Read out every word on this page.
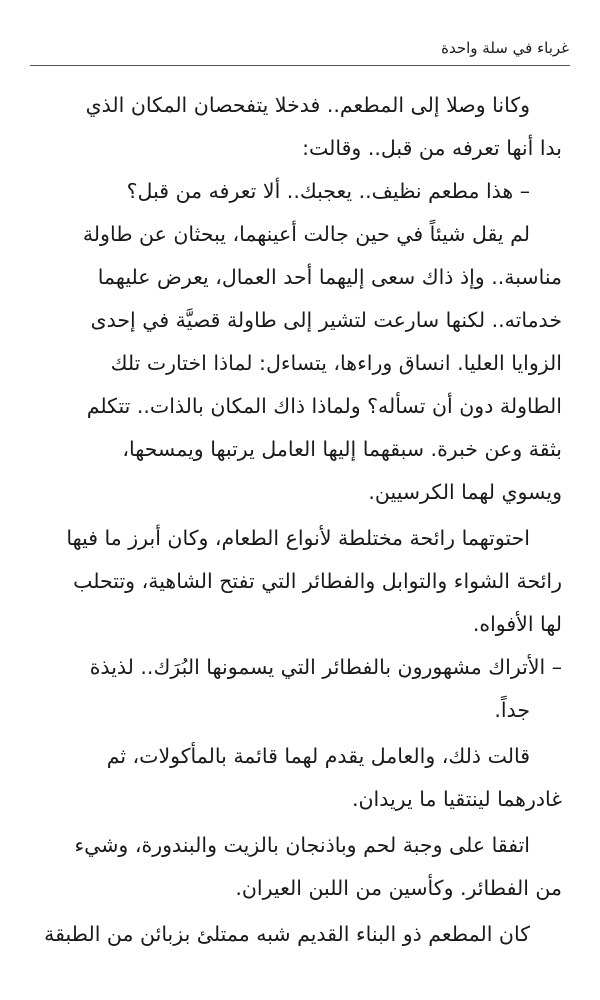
غرباء في سلة واحدة

وكانا وصلا إلى المطعم.. فدخلا يتفحصان المكان الذي

بدا أنها تعرفه من قبل.. وقالت:

– هذا مطعم نظيف.. يعجبك.. ألا تعرفه من قبل؟

لم يقل شيئاً في حين جالت أعينهما، يبحثان عن طاولة

مناسبة.. وإذ ذاك سعى إليهما أحد العمال، يعرض عليهما

خدماته.. لكنها سارعت لتشير إلى طاولة قصيَّة في إحدى

الزوايا العليا. انساق وراءها، يتساءل: لماذا اختارت تلك

الطاولة دون أن تسأله؟ ولماذا ذاك المكان بالذات.. تتكلم

بثقة وعن خبرة. سبقهما إليها العامل يرتبها ويمسحها،

ويسوي لهما الكرسيين.

احتوتهما رائحة مختلطة لأنواع الطعام، وكان أبرز ما فيها

رائحة الشواء والتوابل والفطائر التي تفتح الشاهية، وتتحلب

لها الأفواه.

– الأتراك مشهورون بالفطائر التي يسمونها البُرَك.. لذيذة

جداً.

قالت ذلك، والعامل يقدم لهما قائمة بالمأكولات، ثم

غادرهما لينتقيا ما يريدان.

اتفقا على وجبة لحم وباذنجان بالزيت والبندورة، وشيء

من الفطائر. وكأسين من اللبن العيران.

كان المطعم ذو البناء القديم شبه ممتلئ بزبائن من الطبقة
